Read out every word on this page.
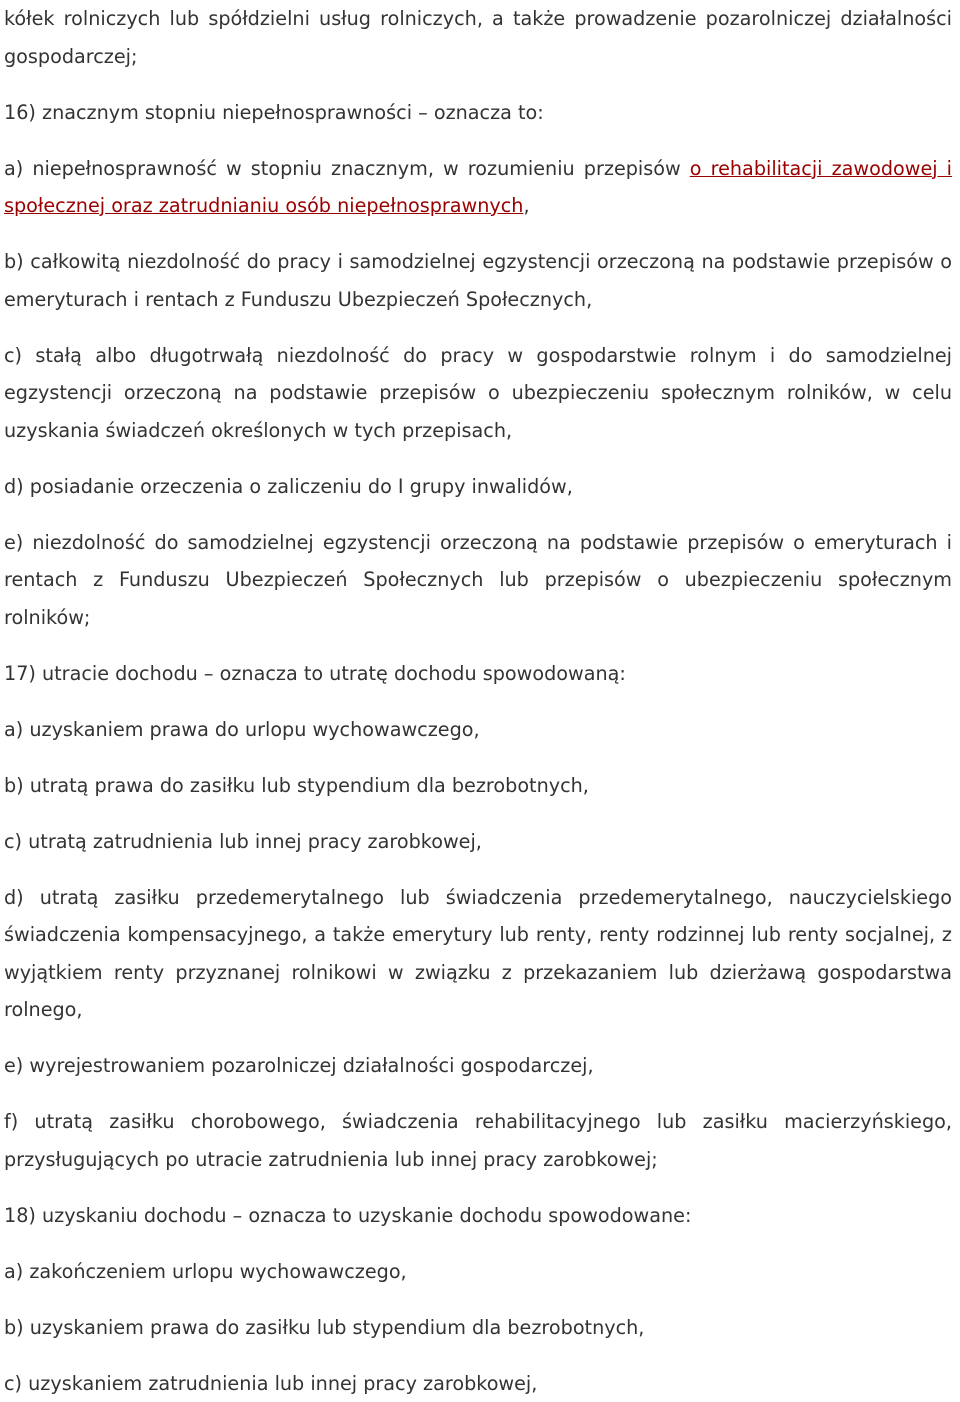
kółek rolniczych lub spółdzielni usług rolniczych, a także prowadzenie pozarolniczej działalności gospodarczej;

16) znacznym stopniu niepełnosprawności – oznacza to:

a) niepełnosprawność w stopniu znacznym, w rozumieniu przepisów o rehabilitacji zawodowej i społecznej oraz zatrudnianiu osób niepełnosprawnych,

b) całkowitą niezdolność do pracy i samodzielnej egzystencji orzeczoną na podstawie przepisów o emeryturach i rentach z Funduszu Ubezpieczeń Społecznych,

c) stałą albo długotrwałą niezdolność do pracy w gospodarstwie rolnym i do samodzielnej egzystencji orzeczoną na podstawie przepisów o ubezpieczeniu społecznym rolników, w celu uzyskania świadczeń określonych w tych przepisach,

d) posiadanie orzeczenia o zaliczeniu do I grupy inwalidów,

e) niezdolność do samodzielnej egzystencji orzeczoną na podstawie przepisów o emeryturach i rentach z Funduszu Ubezpieczeń Społecznych lub przepisów o ubezpieczeniu społecznym rolników;

17) utracie dochodu – oznacza to utratę dochodu spowodowaną:

a) uzyskaniem prawa do urlopu wychowawczego,

b) utratą prawa do zasiłku lub stypendium dla bezrobotnych,

c) utratą zatrudnienia lub innej pracy zarobkowej,

d) utratą zasiłku przedemerytalnego lub świadczenia przedemerytalnego, nauczycielskiego świadczenia kompensacyjnego, a także emerytury lub renty, renty rodzinnej lub renty socjalnej, z wyjątkiem renty przyznanej rolnikowi w związku z przekazaniem lub dzierżawą gospodarstwa rolnego,

e) wyrejestrowaniem pozarolniczej działalności gospodarczej,

f) utratą zasiłku chorobowego, świadczenia rehabilitacyjnego lub zasiłku macierzyńskiego, przysługujących po utracie zatrudnienia lub innej pracy zarobkowej;

18) uzyskaniu dochodu – oznacza to uzyskanie dochodu spowodowane:

a) zakończeniem urlopu wychowawczego,

b) uzyskaniem prawa do zasiłku lub stypendium dla bezrobotnych,

c) uzyskaniem zatrudnienia lub innej pracy zarobkowej,
